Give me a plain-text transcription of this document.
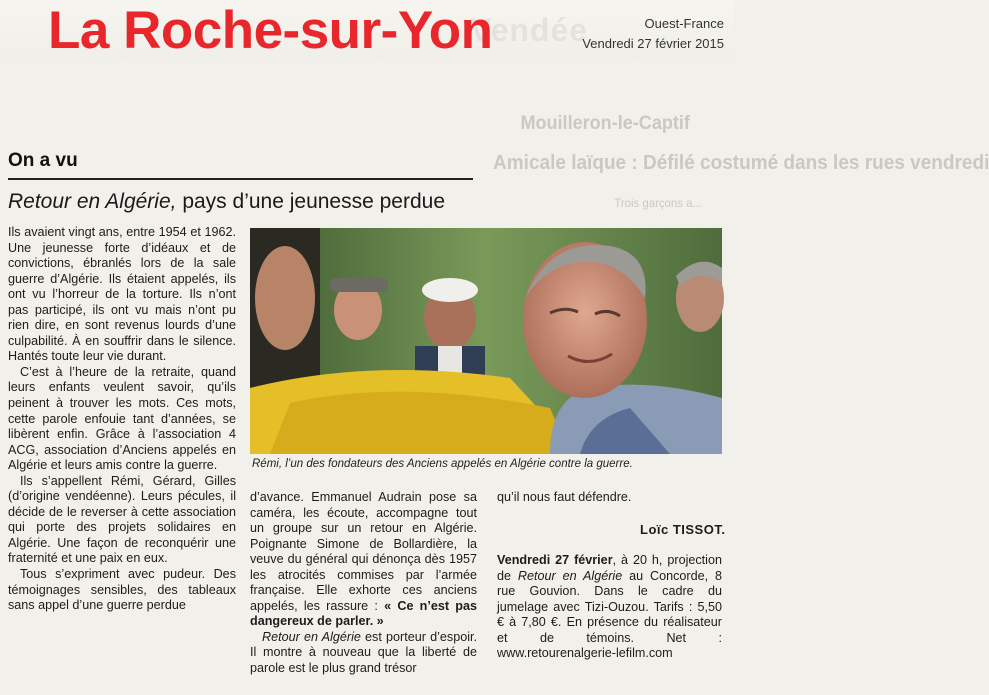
Vendée
La Roche-sur-Yon	Ouest-France
Vendredi 27 février 2015
Mouilleron-le-Captif
Amicale laïque : Défilé costumé dans les rues vendredi
Trois garçons a...
On a vu
Retour en Algérie, pays d’une jeunesse perdue

Ils avaient vingt ans, entre 1954 et 1962. Une jeunesse forte d’idéaux et de convictions, ébranlés lors de la sale guerre d’Algérie. Ils étaient appelés, ils ont vu l’horreur de la torture. Ils n’ont pas participé, ils ont vu mais n’ont pu rien dire, en sont revenus lourds d’une culpabilité. À en souffrir dans le silence. Hantés toute leur vie durant.

C’est à l’heure de la retraite, quand leurs enfants veulent savoir, qu’ils peinent à trouver les mots. Ces mots, cette parole enfouie tant d’années, se libèrent enfin. Grâce à l’association 4 ACG, association d’Anciens appelés en Algérie et leurs amis contre la guerre.

Ils s’appellent Rémi, Gérard, Gilles (d’origine vendéenne). Leurs pécules, il décide de le reverser à cette association qui porte des projets solidaires en Algérie. Une façon de reconquérir une fraternité et une paix en eux.

Tous s’expriment avec pudeur. Des témoignages sensibles, des tableaux sans appel d’une guerre perdue

Rémi, l’un des fondateurs des Anciens appelés en Algérie contre la guerre.

d’avance. Emmanuel Audrain pose sa caméra, les écoute, accompagne tout un groupe sur un retour en Algérie. Poignante Simone de Bollardière, la veuve du général qui dénonça dès 1957 les atrocités commises par l’armée française. Elle exhorte ces anciens appelés, les rassure : « Ce n’est pas dangereux de parler. »

Retour en Algérie est porteur d’espoir. Il montre à nouveau que la liberté de parole est le plus grand trésor

qu’il nous faut défendre.

Loïc TISSOT.
Vendredi 27 février, à 20 h, projection de Retour en Algérie au Concorde, 8 rue Gouvion. Dans le cadre du jumelage avec Tizi-Ouzou. Tarifs : 5,50 € à 7,80 €. En présence du réalisateur et de témoins. Net : www.retourenalgerie-lefilm.com
